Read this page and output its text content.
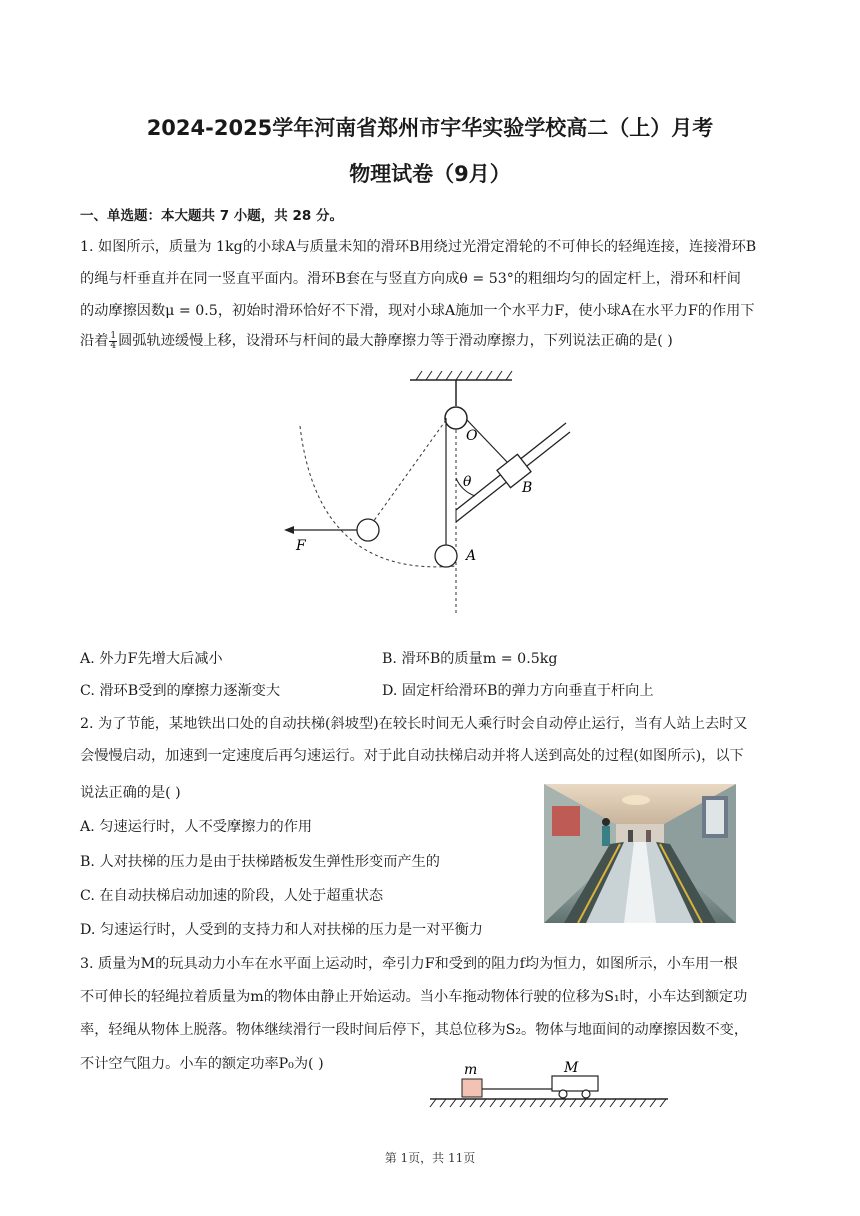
2024-2025学年河南省郑州市宇华实验学校高二（上）月考
物理试卷（9月）
一、单选题：本大题共 7 小题，共 28 分。
1. 如图所示，质量为 1kg的小球A与质量未知的滑环B用绕过光滑定滑轮的不可伸长的轻绳连接，连接滑环B
的绳与杆垂直并在同一竖直平面内。滑环B套在与竖直方向成θ = 53°的粗细均匀的固定杆上，滑环和杆间
的动摩擦因数μ = 0.5，初始时滑环恰好不下滑，现对小球A施加一个水平力F，使小球A在水平力F的作用下
沿着 $\frac{1}{4}$ 圆弧轨迹缓慢上移，设滑环与杆间的最大静摩擦力等于滑动摩擦力，下列说法正确的是( )
O
θ	B
F
A
A. 外力F先增大后减小	B. 滑环B的质量m = 0.5kg
C. 滑环B受到的摩擦力逐渐变大	D. 固定杆给滑环B的弹力方向垂直于杆向上
2. 为了节能，某地铁出口处的自动扶梯(斜坡型)在较长时间无人乘行时会自动停止运行，当有人站上去时又
会慢慢启动，加速到一定速度后再匀速运行。对于此自动扶梯启动并将人送到高处的过程(如图所示)，以下
说法正确的是( )
A. 匀速运行时，人不受摩擦力的作用
B. 人对扶梯的压力是由于扶梯踏板发生弹性形变而产生的
C. 在自动扶梯启动加速的阶段，人处于超重状态
D. 匀速运行时，人受到的支持力和人对扶梯的压力是一对平衡力
3. 质量为M的玩具动力小车在水平面上运动时，牵引力F和受到的阻力f均为恒力，如图所示，小车用一根
不可伸长的轻绳拉着质量为m的物体由静止开始运动。当小车拖动物体行驶的位移为S₁时，小车达到额定功
率，轻绳从物体上脱落。物体继续滑行一段时间后停下，其总位移为S₂。物体与地面间的动摩擦因数不变，
不计空气阻力。小车的额定功率P₀为( )	m	M
第 1页，共 11页
